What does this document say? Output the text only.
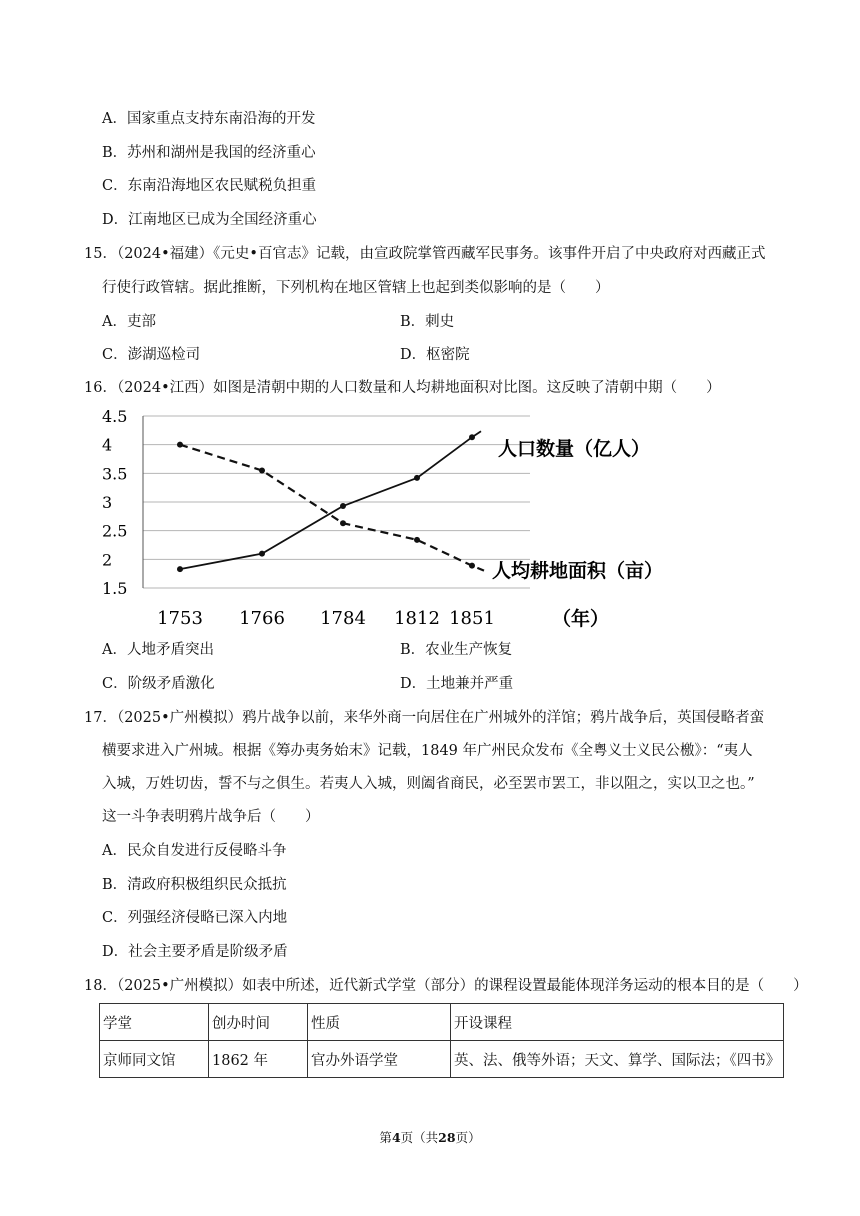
A．国家重点支持东南沿海的开发
B．苏州和湖州是我国的经济重心
C．东南沿海地区农民赋税负担重
D．江南地区已成为全国经济重心
15．（2024•福建）《元史•百官志》记载，由宣政院掌管西藏军民事务。该事件开启了中央政府对西藏正式
行使行政管辖。据此推断，下列机构在地区管辖上也起到类似影响的是（　　）
A．吏部	B．刺史
C．澎湖巡检司	D．枢密院
16．（2024•江西）如图是清朝中期的人口数量和人均耕地面积对比图。这反映了清朝中期（　　）
4.5
4
3.5
3
2.5
2
1.5
1753 1766 1784 1812 1851	（年）
人口数量（亿人）
人均耕地面积（亩）
A．人地矛盾突出	B．农业生产恢复
C．阶级矛盾激化	D．土地兼并严重
17．（2025•广州模拟）鸦片战争以前，来华外商一向居住在广州城外的洋馆；鸦片战争后，英国侵略者蛮
横要求进入广州城。根据《筹办夷务始末》记载，1849 年广州民众发布《全粤义士义民公檄》：“夷人
入城，万姓切齿，誓不与之俱生。若夷人入城，则阖省商民，必至罢市罢工，非以阻之，实以卫之也。”
这一斗争表明鸦片战争后（　　）
A．民众自发进行反侵略斗争
B．清政府积极组织民众抵抗
C．列强经济侵略已深入内地
D．社会主要矛盾是阶级矛盾
18．（2025•广州模拟）如表中所述，近代新式学堂（部分）的课程设置最能体现洋务运动的根本目的是（　　）
学堂	创办时间	性质	开设课程
京师同文馆	1862 年	官办外语学堂	英、法、俄等外语；天文、算学、国际法；《四书》
第4页（共28页）
